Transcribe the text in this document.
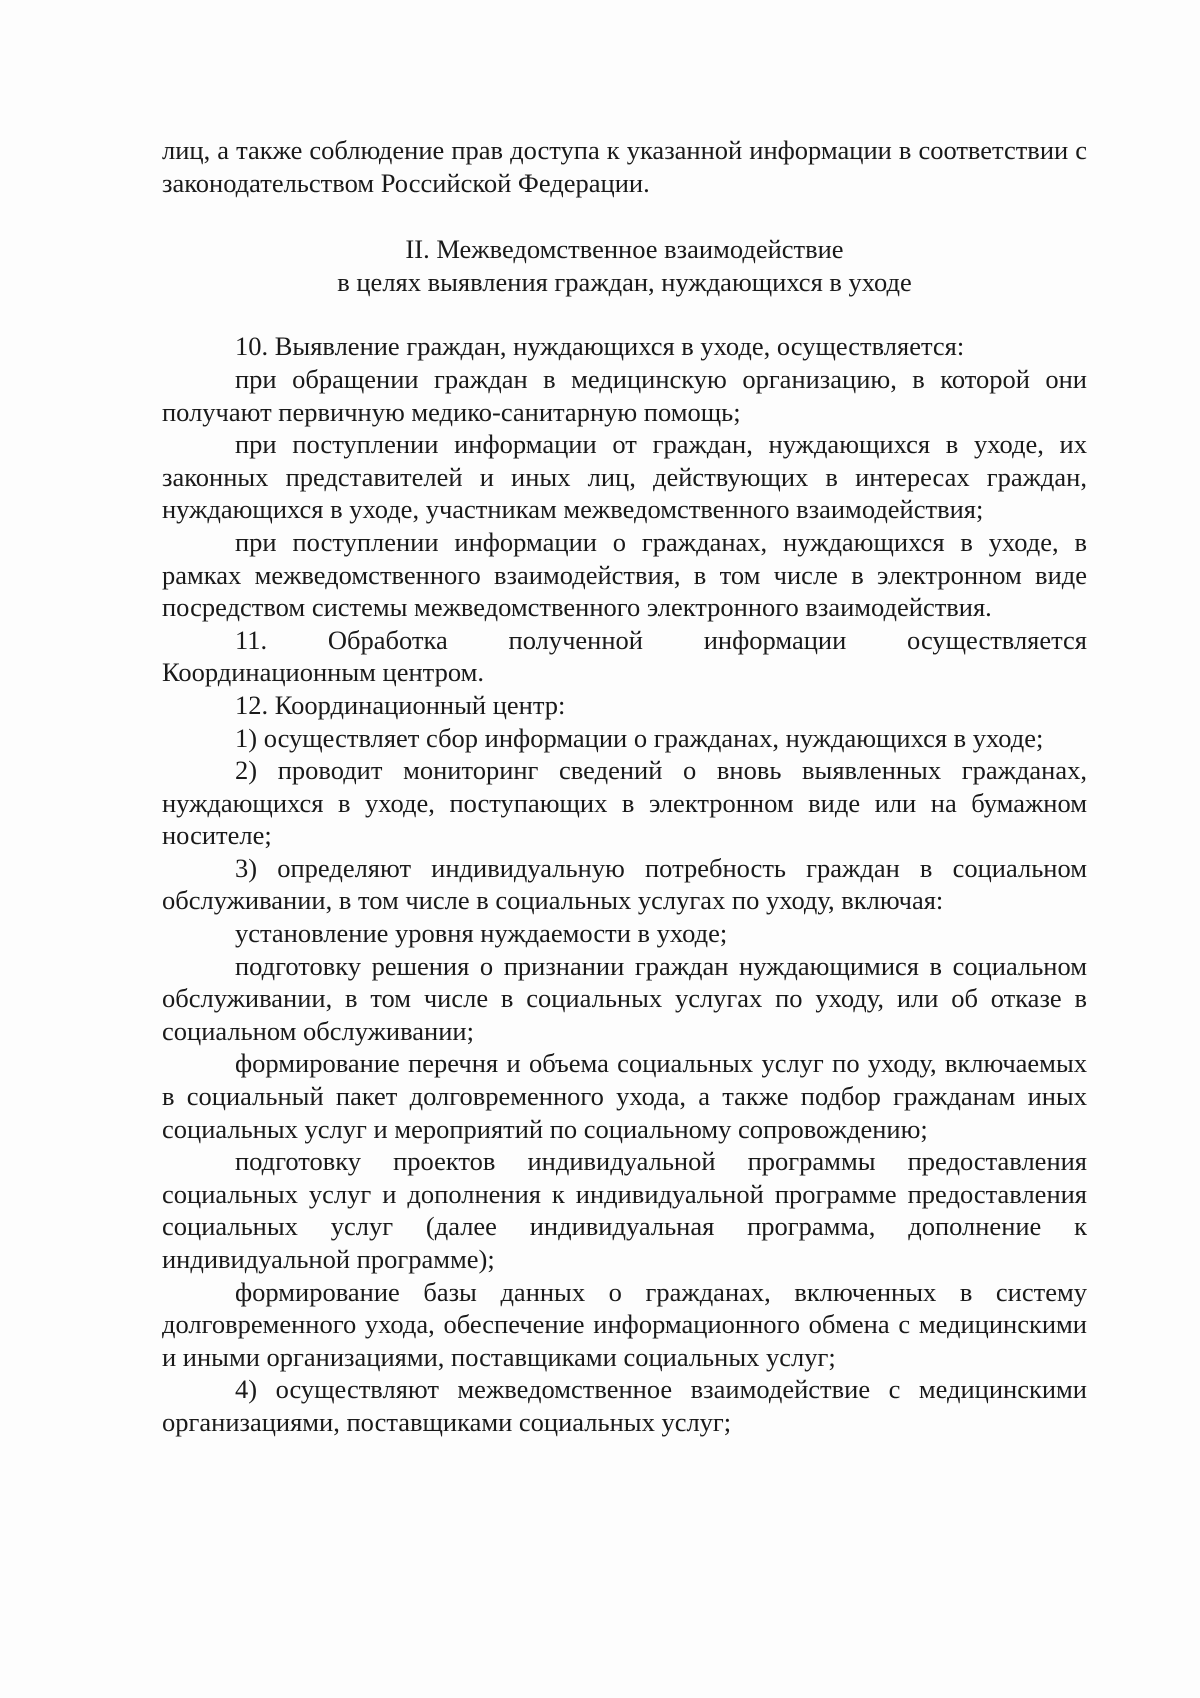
лиц, а также соблюдение прав доступа к указанной информации в соответствии с законодательством Российской Федерации.

II. Межведомственное взаимодействие

в целях выявления граждан, нуждающихся в уходе

10. Выявление граждан, нуждающихся в уходе, осуществляется:

при обращении граждан в медицинскую организацию, в которой они получают первичную медико-санитарную помощь;

при поступлении информации от граждан, нуждающихся в уходе, их законных представителей и иных лиц, действующих в интересах граждан, нуждающихся в уходе, участникам межведомственного взаимодействия;

при поступлении информации о гражданах, нуждающихся в уходе, в рамках межведомственного взаимодействия, в том числе в электронном виде посредством системы межведомственного электронного взаимодействия.

11. Обработка полученной информации осуществляется Координационным центром.

12. Координационный центр:

1) осуществляет сбор информации о гражданах, нуждающихся в уходе;

2) проводит мониторинг сведений о вновь выявленных гражданах, нуждающихся в уходе, поступающих в электронном виде или на бумажном носителе;

3) определяют индивидуальную потребность граждан в социальном обслуживании, в том числе в социальных услугах по уходу, включая:

установление уровня нуждаемости в уходе;

подготовку решения о признании граждан нуждающимися в социальном обслуживании, в том числе в социальных услугах по уходу, или об отказе в социальном обслуживании;

формирование перечня и объема социальных услуг по уходу, включаемых в социальный пакет долговременного ухода, а также подбор гражданам иных социальных услуг и мероприятий по социальному сопровождению;

подготовку проектов индивидуальной программы предоставления социальных услуг и дополнения к индивидуальной программе предоставления социальных услуг (далее индивидуальная программа, дополнение к индивидуальной программе);

формирование базы данных о гражданах, включенных в систему долговременного ухода, обеспечение информационного обмена с медицинскими и иными организациями, поставщиками социальных услуг;

4) осуществляют межведомственное взаимодействие с медицинскими организациями, поставщиками социальных услуг;
